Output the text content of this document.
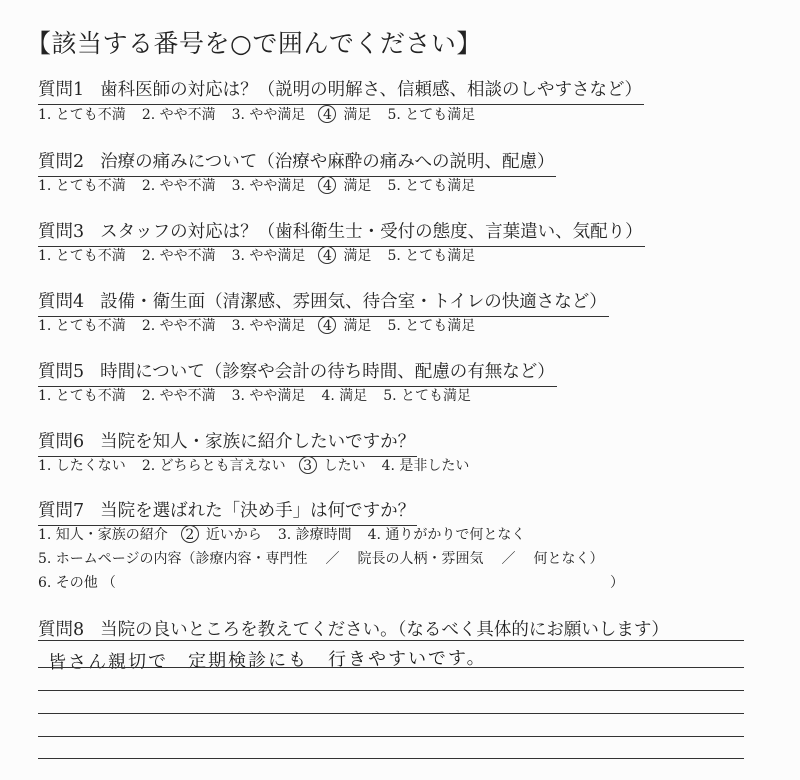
【該当する番号を○で囲んでください】
質問1 歯科医師の対応は？（説明の明解さ、信頼感、相談のしやすさなど）
1. とても不満 2. やや不満 3. やや満足 4 満足 5. とても満足
質問2 治療の痛みについて（治療や麻酔の痛みへの説明、配慮）
1. とても不満 2. やや不満 3. やや満足 4 満足 5. とても満足
質問3 スタッフの対応は？（歯科衛生士・受付の態度、言葉遣い、気配り）
1. とても不満 2. やや不満 3. やや満足 4 満足 5. とても満足
質問4 設備・衛生面（清潔感、雰囲気、待合室・トイレの快適さなど）
1. とても不満 2. やや不満 3. やや満足 4 満足 5. とても満足
質問5 時間について（診察や会計の待ち時間、配慮の有無など）
1. とても不満 2. やや不満 3. やや満足 4. 満足 5. とても満足
質問6 当院を知人・家族に紹介したいですか？
1. したくない 2. どちらとも言えない 3 したい 4. 是非したい
質問7 当院を選ばれた「決め手」は何ですか？
1. 知人・家族の紹介 2 近いから 3. 診療時間 4. 通りがかりで何となく
5. ホームページの内容（診療内容・専門性 ／ 院長の人柄・雰囲気 ／ 何となく）
6. その他 （	）
質問8 当院の良いところを教えてください。（なるべく具体的にお願いします）
皆さん親切で　定期検診にも　行きやすいです。
